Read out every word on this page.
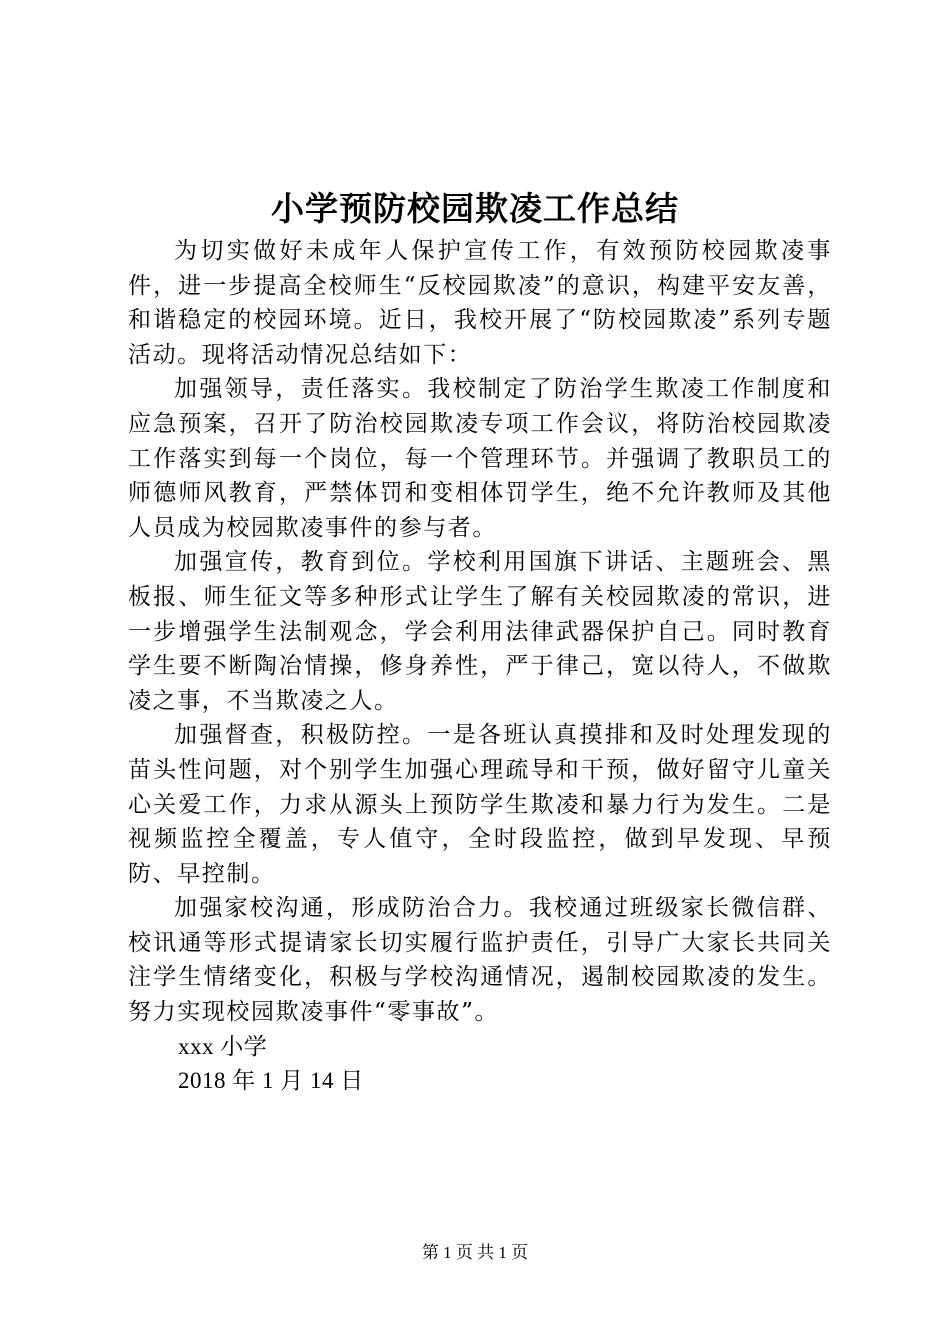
小学预防校园欺凌工作总结

为切实做好未成年人保护宣传工作，有效预防校园欺凌事件，进一步提高全校师生“反校园欺凌”的意识，构建平安友善，和谐稳定的校园环境。近日，我校开展了“防校园欺凌”系列专题活动。现将活动情况总结如下：

加强领导，责任落实。我校制定了防治学生欺凌工作制度和应急预案，召开了防治校园欺凌专项工作会议，将防治校园欺凌工作落实到每一个岗位，每一个管理环节。并强调了教职员工的师德师风教育，严禁体罚和变相体罚学生，绝不允许教师及其他人员成为校园欺凌事件的参与者。

加强宣传，教育到位。学校利用国旗下讲话、主题班会、黑板报、师生征文等多种形式让学生了解有关校园欺凌的常识，进一步增强学生法制观念，学会利用法律武器保护自己。同时教育学生要不断陶冶情操，修身养性，严于律己，宽以待人，不做欺凌之事，不当欺凌之人。

加强督查，积极防控。一是各班认真摸排和及时处理发现的苗头性问题，对个别学生加强心理疏导和干预，做好留守儿童关心关爱工作，力求从源头上预防学生欺凌和暴力行为发生。二是视频监控全覆盖，专人值守，全时段监控，做到早发现、早预防、早控制。

加强家校沟通，形成防治合力。我校通过班级家长微信群、校讯通等形式提请家长切实履行监护责任，引导广大家长共同关注学生情绪变化，积极与学校沟通情况，遏制校园欺凌的发生。努力实现校园欺凌事件“零事故”。

xxx 小学

2018 年 1 月 14 日

第 1 页 共 1 页
